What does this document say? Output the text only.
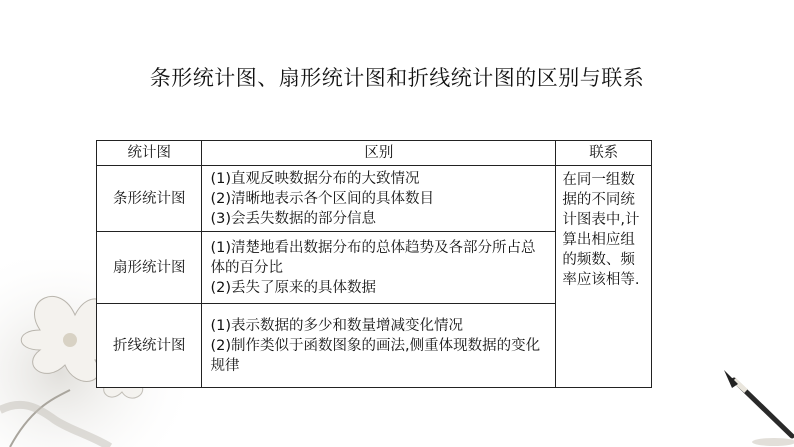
条形统计图、扇形统计图和折线统计图的区别与联系
统计图	区别	联系
条形统计图	(1)直观反映数据分布的大致情况
(2)清晰地表示各个区间的具体数目
(3)会丢失数据的部分信息	在同一组数据的不同统计图表中,计算出相应组的频数、频率应该相等.
扇形统计图	(1)清楚地看出数据分布的总体趋势及各部分所占总体的百分比
(2)丢失了原来的具体数据	

折线统计图	(1)表示数据的多少和数量增减变化情况
(2)制作类似于函数图象的画法,侧重体现数据的变化规律	
